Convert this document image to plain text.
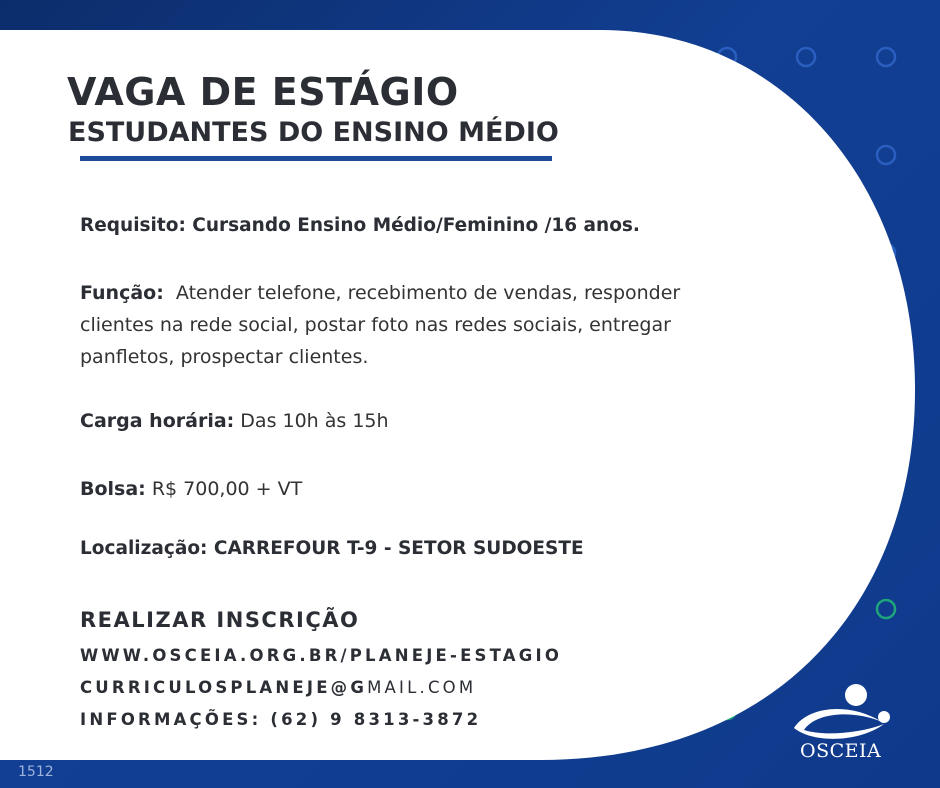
VAGA DE ESTÁGIO
ESTUDANTES DO ENSINO MÉDIO
Requisito: Cursando Ensino Médio/Feminino /16 anos.
Função: Atender telefone, recebimento de vendas, responder clientes na rede social, postar foto nas redes sociais, entregar panfletos, prospectar clientes.
Carga horária: Das 10h às 15h
Bolsa: R$ 700,00 + VT
Localização: CARREFOUR T-9 - SETOR SUDOESTE
REALIZAR INSCRIÇÃO
WWW.OSCEIA.ORG.BR/PLANEJE-ESTAGIO
CURRICULOSPLANEJE@GMAIL.COM
INFORMAÇÕES: (62) 9 8313-3872
OSCEIA
1512
